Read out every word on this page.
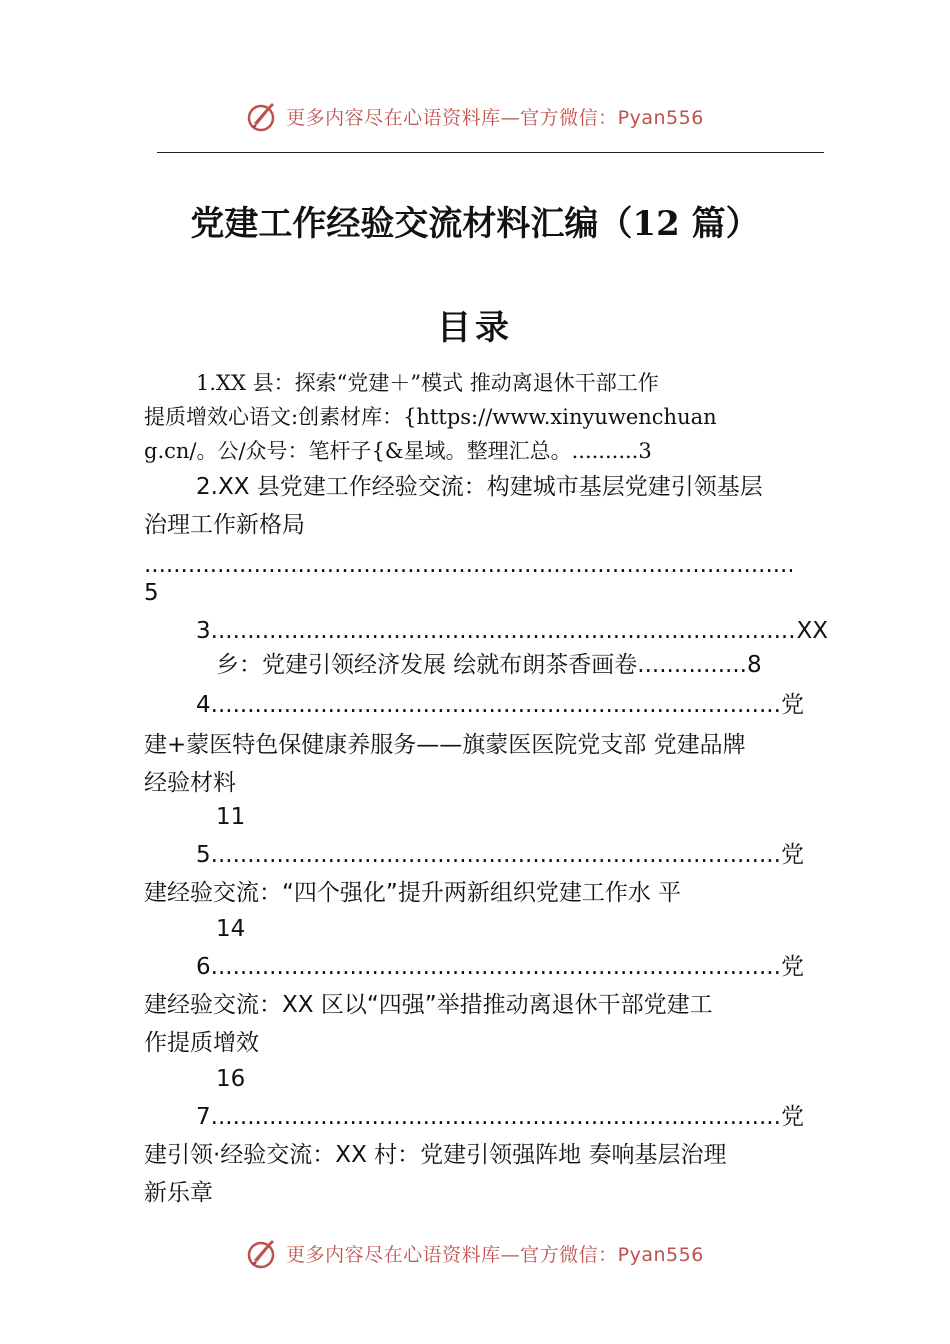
更多内容尽在心语资料库—官方微信：Pyan556
党建工作经验交流材料汇编（12 篇）
目录
1.XX 县：探索“党建＋”模式 推动离退休干部工作
提质增效心语文:创素材库：{https://www.xinyuwenchuan
g.cn/。公/众号：笔杆子{&星域。整理汇总。..........3
2.XX 县党建工作经验交流：构建城市基层党建引领基层
治理工作新格局
.....
5
3. .....	XX
乡：党建引领经济发展 绘就布朗茶香画卷...............8
4. .....	党
建+蒙医特色保健康养服务——旗蒙医医院党支部 党建品牌
经验材料
11
5. .....	党
建经验交流：“四个强化”提升两新组织党建工作水 平
14
6. .....	党
建经验交流：XX 区以“四强”举措推动离退休干部党建工
作提质增效
16
7. .....	党
建引领·经验交流：XX 村：党建引领强阵地 奏响基层治理
新乐章
更多内容尽在心语资料库—官方微信：Pyan556
